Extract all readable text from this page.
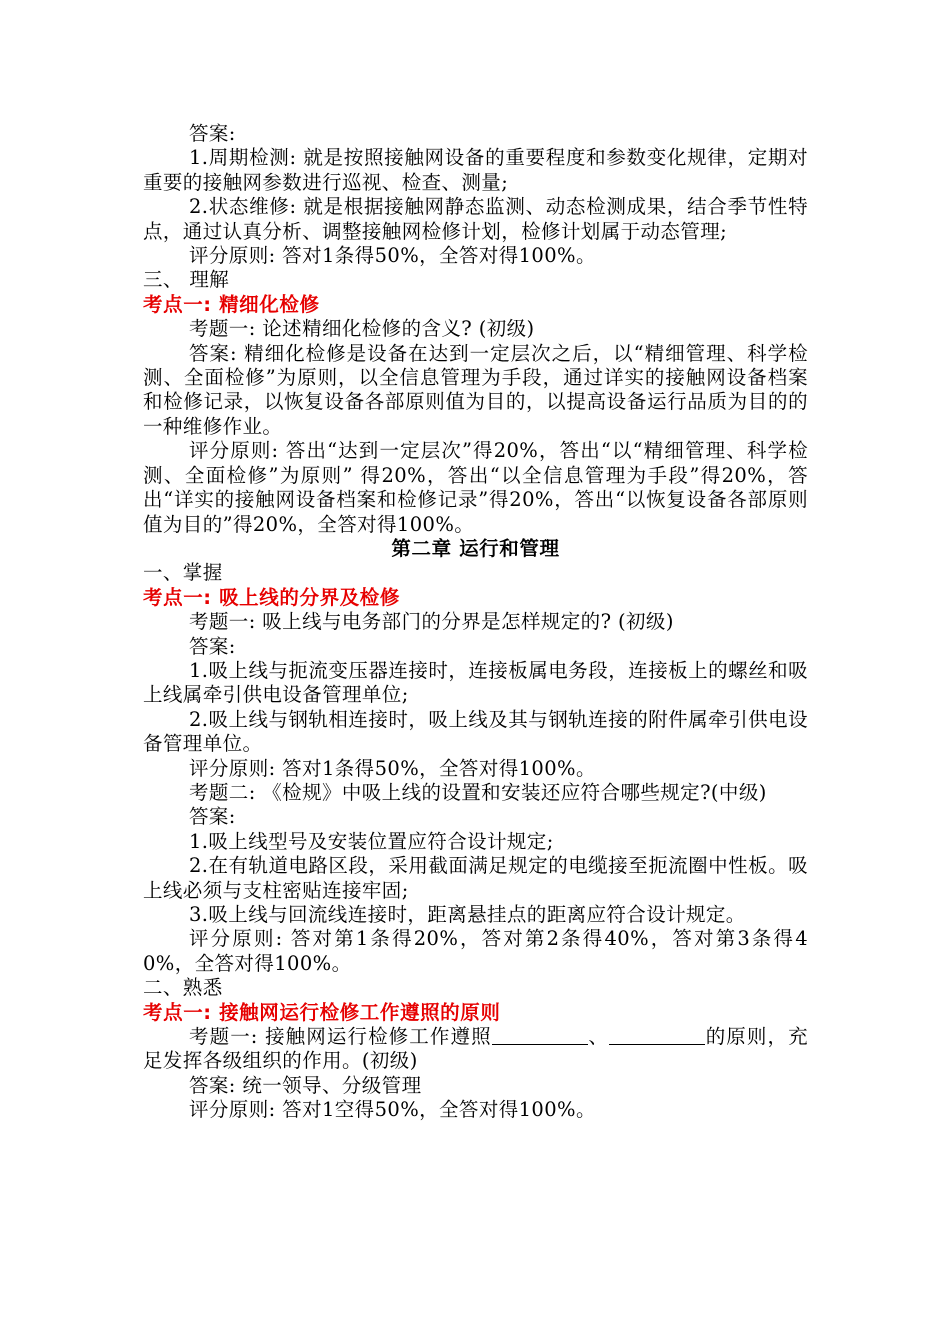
答案:

1.周期检测: 就是按照接触网设备的重要程度和参数变化规律，定期对重要的接触网参数进行巡视、检查、测量;

2.状态维修: 就是根据接触网静态监测、动态检测成果，结合季节性特点，通过认真分析、调整接触网检修计划，检修计划属于动态管理;

评分原则: 答对1条得50%，全答对得100%。

三、 理解

考点一: 精细化检修

考题一: 论述精细化检修的含义? (初级)

答案: 精细化检修是设备在达到一定层次之后，以“精细管理、科学检测、全面检修”为原则，以全信息管理为手段，通过详实的接触网设备档案和检修记录，以恢复设备各部原则值为目的，以提高设备运行品质为目的的一种维修作业。

评分原则: 答出“达到一定层次”得20%，答出“以“精细管理、科学检测、全面检修”为原则” 得20%，答出“以全信息管理为手段”得20%，答出“详实的接触网设备档案和检修记录”得20%，答出“以恢复设备各部原则值为目的”得20%，全答对得100%。

第二章 运行和管理

一、掌握

考点一: 吸上线的分界及检修

考题一: 吸上线与电务部门的分界是怎样规定的? (初级)

答案:

1.吸上线与扼流变压器连接时，连接板属电务段，连接板上的螺丝和吸上线属牵引供电设备管理单位;

2.吸上线与钢轨相连接时，吸上线及其与钢轨连接的附件属牵引供电设备管理单位。

评分原则: 答对1条得50%，全答对得100%。

考题二: 《检规》中吸上线的设置和安装还应符合哪些规定?(中级)

答案:

1.吸上线型号及安装位置应符合设计规定;

2.在有轨道电路区段，采用截面满足规定的电缆接至扼流圈中性板。吸上线必须与支柱密贴连接牢固;

3.吸上线与回流线连接时，距离悬挂点的距离应符合设计规定。

评分原则: 答对第1条得20%，答对第2条得40%，答对第3条得40%，全答对得100%。

二、熟悉

考点一: 接触网运行检修工作遵照的原则

考题一: 接触网运行检修工作遵照	、	的原则，充足发挥各级组织的作用。(初级)

答案: 统一领导、分级管理

评分原则: 答对1空得50%，全答对得100%。
